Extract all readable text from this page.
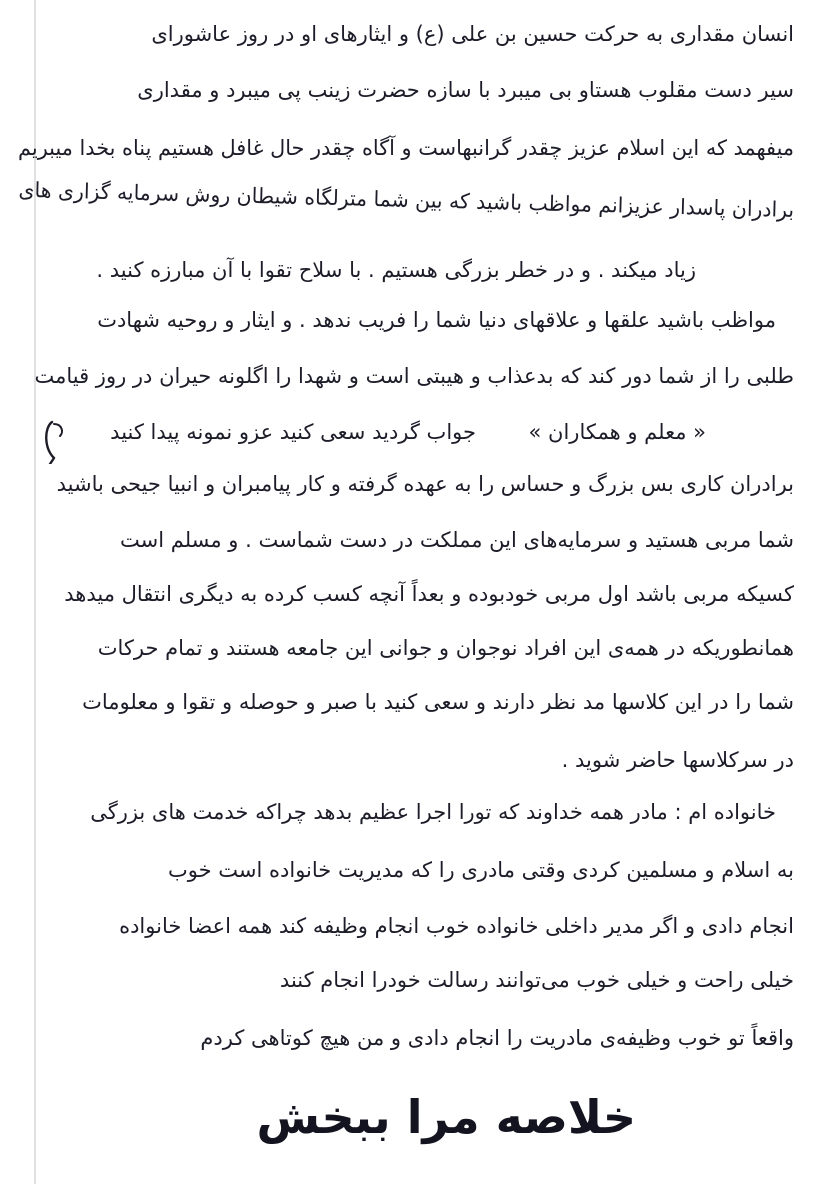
انسان مقداری به حرکت حسین بن علی (ع) و ایثارهای او در روز عاشورای
سیر دست مقلوب هستاو بی میبرد با سازه حضرت زینب پی میبرد و مقداری
میفهمد که این اسلام عزیز چقدر گرانبهاست و آگاه چقدر حال غافل هستیم پناه بخدا میبریم
برادران پاسدار عزیزانم مواظب باشید که بین شما مترلگاه شیطان روش سرمایه گزاری های
زیاد میکند . و در خطر بزرگی هستیم . با سلاح تقوا با آن مبارزه کنید .
مواظب باشید علقها و علاقهای دنیا شما را فریب ندهد . و ایثار و روحیه شهادت
طلبی را از شما دور کند که بدعذاب و هیبتی است و شهدا را اگلونه حیران در روز قیامت
جواب گردید سعی کنید عزو نمونه پیدا کنید	« معلم و همکاران »
برادران کاری بس بزرگ و حساس را به عهده گرفته و کار پیامبران و انبیا جیحی باشید
شما مربی هستید و سرمایه‌های این مملکت در دست شماست . و مسلم است
کسیکه مربی باشد اول مربی خودبوده و بعداً آنچه کسب کرده به دیگری انتقال میدهد
همانطوریکه در همه‌ی این افراد نوجوان و جوانی این جامعه هستند و تمام حرکات
شما را در این کلاسها مد نظر دارند و سعی کنید با صبر و حوصله و تقوا و معلومات
در سرکلاسها حاضر شوید .
خانواده ام : مادر همه خداوند که تورا اجرا عظیم بدهد چراکه خدمت های بزرگی
به اسلام و مسلمین کردی وقتی مادری را که مدیریت خانواده است خوب
انجام دادی و اگر مدیر داخلی خانواده خوب انجام وظیفه کند همه اعضا خانواده
خیلی راحت و خیلی خوب می‌توانند رسالت خودرا انجام کنند
واقعاً تو خوب وظیفه‌ی مادریت را انجام دادی و من هیچ کوتاهی کردم
خلاصه مرا ببخش
